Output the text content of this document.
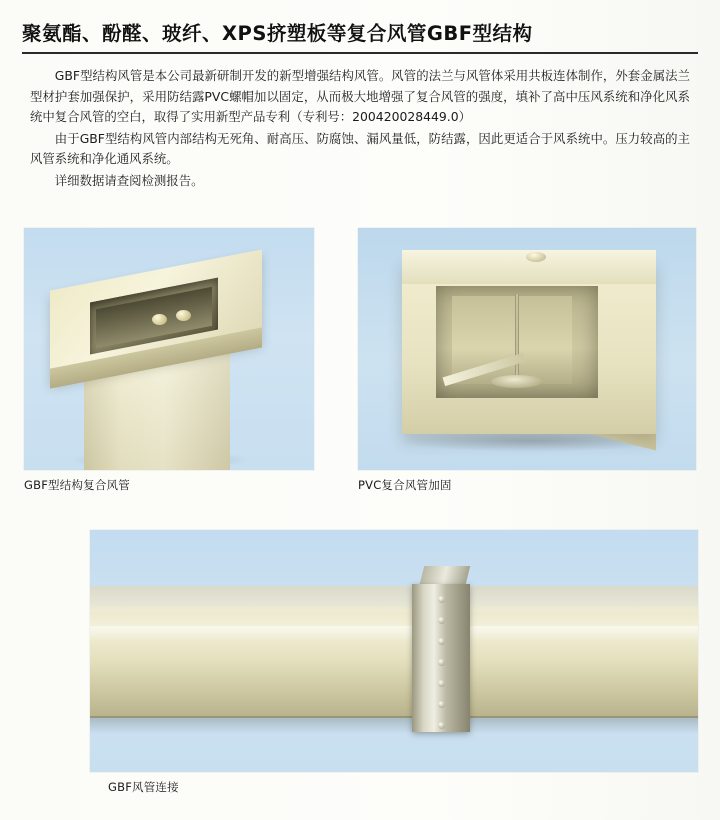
聚氨酯、酚醛、玻纤、XPS挤塑板等复合风管GBF型结构

GBF型结构风管是本公司最新研制开发的新型增强结构风管。风管的法兰与风管体采用共板连体制作，外套金属法兰型材护套加强保护，采用防结露PVC螺帽加以固定，从而极大地增强了复合风管的强度，填补了高中压风系统和净化风系统中复合风管的空白，取得了实用新型产品专利（专利号：200420028449.0）

由于GBF型结构风管内部结构无死角、耐高压、防腐蚀、漏风量低，防结露，因此更适合于风系统中。压力较高的主风管系统和净化通风系统。

详细数据请查阅检测报告。

GBF型结构复合风管	PVC复合风管加固
GBF风管连接
